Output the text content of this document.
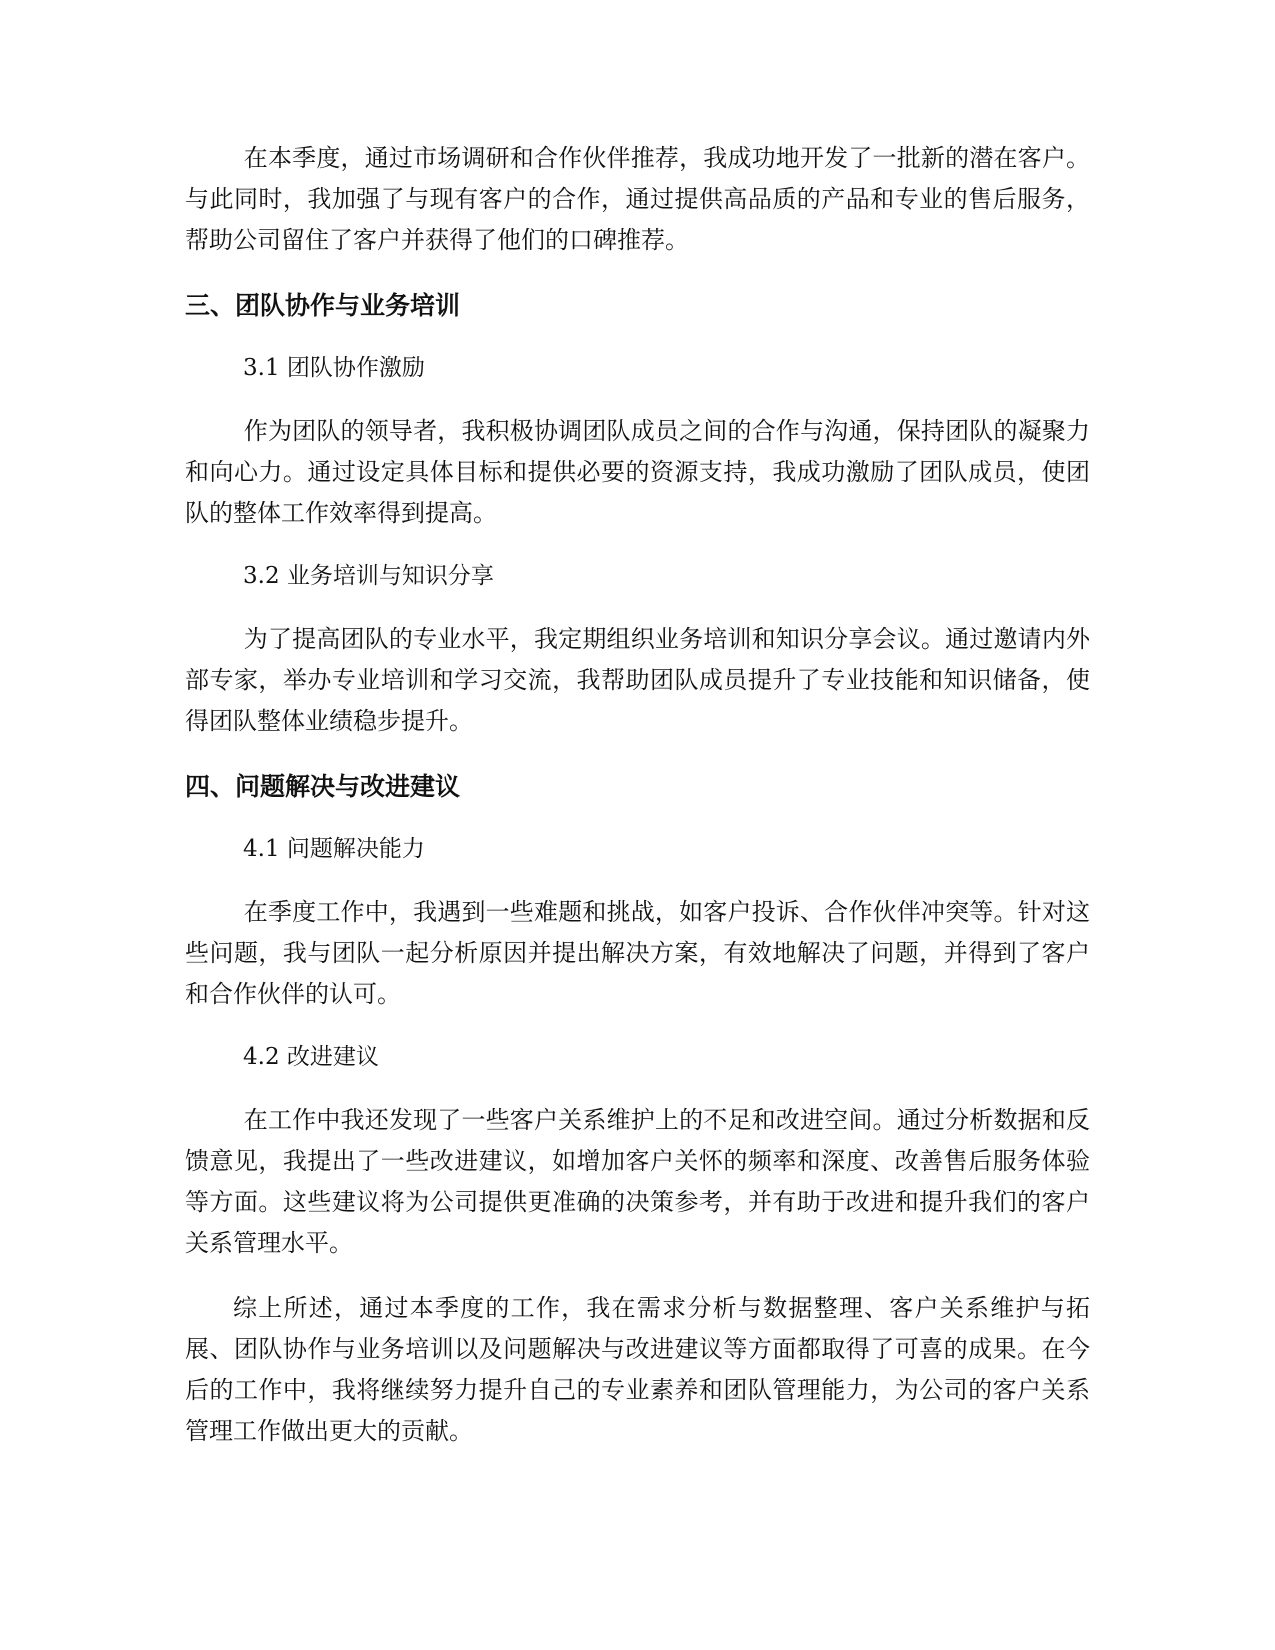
在本季度，通过市场调研和合作伙伴推荐，我成功地开发了一批新的潜在客户。与此同时，我加强了与现有客户的合作，通过提供高品质的产品和专业的售后服务，帮助公司留住了客户并获得了他们的口碑推荐。

三、团队协作与业务培训

3.1 团队协作激励

作为团队的领导者，我积极协调团队成员之间的合作与沟通，保持团队的凝聚力和向心力。通过设定具体目标和提供必要的资源支持，我成功激励了团队成员，使团队的整体工作效率得到提高。

3.2 业务培训与知识分享

为了提高团队的专业水平，我定期组织业务培训和知识分享会议。通过邀请内外部专家，举办专业培训和学习交流，我帮助团队成员提升了专业技能和知识储备，使得团队整体业绩稳步提升。

四、问题解决与改进建议

4.1 问题解决能力

在季度工作中，我遇到一些难题和挑战，如客户投诉、合作伙伴冲突等。针对这些问题，我与团队一起分析原因并提出解决方案，有效地解决了问题，并得到了客户和合作伙伴的认可。

4.2 改进建议

在工作中我还发现了一些客户关系维护上的不足和改进空间。通过分析数据和反馈意见，我提出了一些改进建议，如增加客户关怀的频率和深度、改善售后服务体验等方面。这些建议将为公司提供更准确的决策参考，并有助于改进和提升我们的客户关系管理水平。

综上所述，通过本季度的工作，我在需求分析与数据整理、客户关系维护与拓展、团队协作与业务培训以及问题解决与改进建议等方面都取得了可喜的成果。在今后的工作中，我将继续努力提升自己的专业素养和团队管理能力，为公司的客户关系管理工作做出更大的贡献。
